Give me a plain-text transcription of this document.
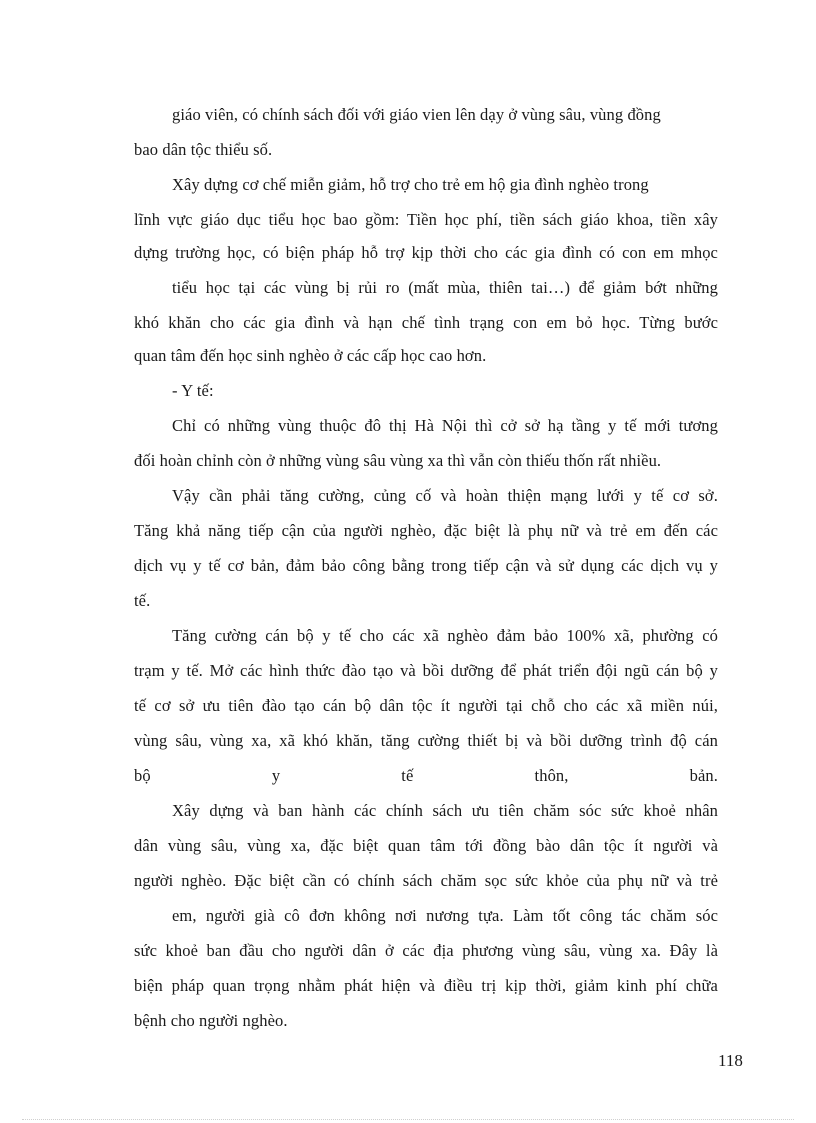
giáo viên, có chính sách đối với giáo vien lên dạy ở vùng sâu, vùng đồng
bao dân tộc thiểu số.
Xây dựng cơ chế miễn giảm, hỗ trợ cho trẻ em hộ gia đình nghèo trong
lĩnh vực giáo dục tiểu học bao gồm: Tiền học phí, tiền sách giáo khoa, tiền xây
dựng trường học, có biện pháp hỗ trợ kịp thời cho các gia đình có con em mhọc
tiểu học tại các vùng bị rủi ro (mất mùa, thiên tai…) để giảm bớt những
khó khăn cho các gia đình và hạn chế tình trạng con em bỏ học. Từng bước
quan tâm đến học sinh nghèo ở các cấp học cao hơn.
- Y tế:
Chỉ có những vùng thuộc đô thị Hà Nội thì cở sở hạ tầng y tế mới tương
đối hoàn chỉnh còn ở những vùng sâu vùng xa thì vẫn còn thiếu thốn rất nhiều.
Vậy cần phải tăng cường, củng cố và hoàn thiện mạng lưới y tế cơ sở.
Tăng khả năng tiếp cận của người nghèo, đặc biệt là phụ nữ và trẻ em đến các
dịch vụ y tế cơ bản, đảm bảo công bằng trong tiếp cận và sử dụng các dịch vụ y
tế.
Tăng cường cán bộ y tế cho các xã nghèo đảm bảo 100% xã, phường có
trạm y tế. Mở các hình thức đào tạo và bồi dưỡng để phát triển đội ngũ cán bộ y
tế cơ sở ưu tiên đào tạo cán bộ dân tộc ít người tại chỗ cho các xã miền núi,
vùng sâu, vùng xa, xã khó khăn, tăng cường thiết bị và bồi dưỡng trình độ cán
bộ y tế thôn, bản.
Xây dựng và ban hành các chính sách ưu tiên chăm sóc sức khoẻ nhân
dân vùng sâu, vùng xa, đặc biệt quan tâm tới đồng bào dân tộc ít người và
người nghèo. Đặc biệt cần có chính sách chăm sọc sức khỏe của phụ nữ và trẻ
em, người già cô đơn không nơi nương tựa. Làm tốt công tác chăm sóc
sức khoẻ ban đầu cho người dân ở các địa phương vùng sâu, vùng xa. Đây là
biện pháp quan trọng nhằm phát hiện và điều trị kịp thời, giảm kinh phí chữa
bệnh cho người nghèo.
118
